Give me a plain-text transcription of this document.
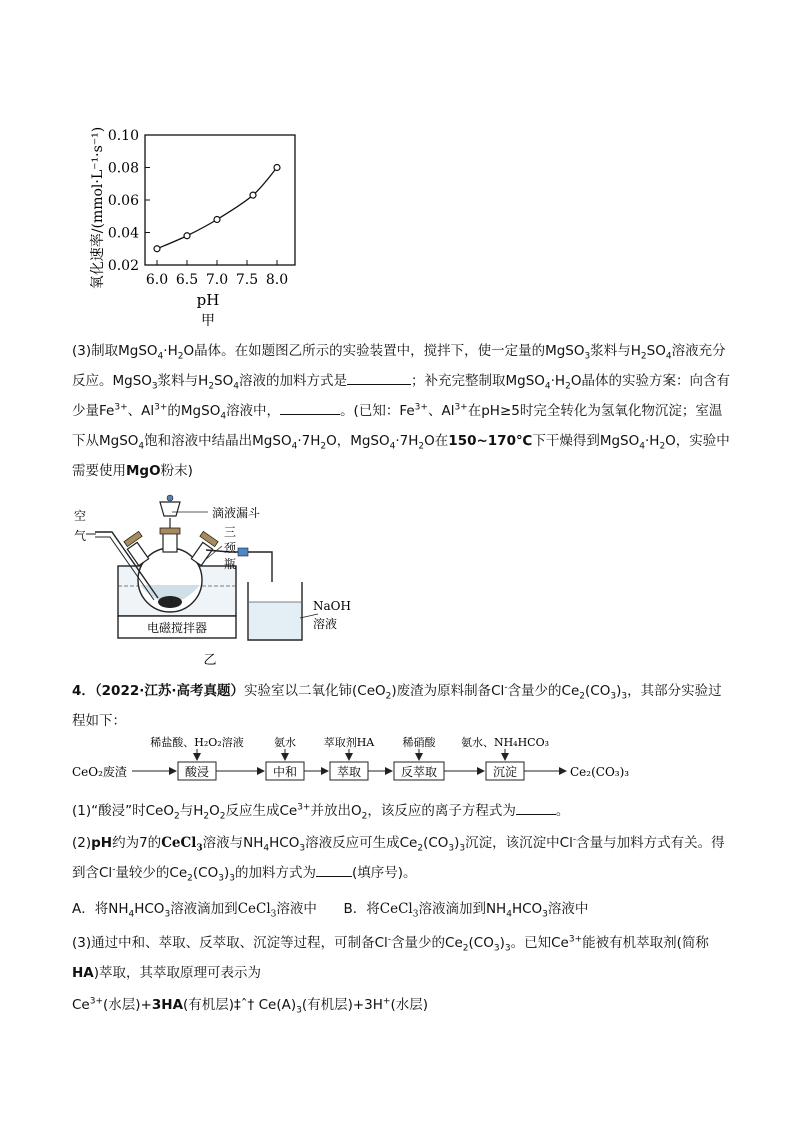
0.02
0.04
0.06
0.08
0.10
6.0 6.5 7.0 7.5 8.0
pH
甲
氧化速率/(mmol·L⁻¹·s⁻¹)
(3)制取$MgSO_4\cdot H_2O$晶体。在如题图乙所示的实验装置中，搅拌下，使一定量的MgSO$_3$浆料与$H_2SO_4$溶液充分反应。MgSO$_3$浆料与$H_2SO_4$溶液的加料方式是	；补充完整制取$MgSO_4\cdot H_2O$晶体的实验方案：向含有少量$Fe^{3+}$、$Al^{3+}$的MgSO$_4$溶液中，	。(已知：$Fe^{3+}$、$Al^{3+}$在pH≥5时完全转化为氢氧化物沉淀；室温下从MgSO$_4$饱和溶液中结晶出$MgSO_4\cdot 7H_2O$，$MgSO_4\cdot 7H_2O$在150~170℃下干燥得到$MgSO_4\cdot H_2O$，实验中需要使用MgO粉末)
电磁搅拌器
滴液漏斗
空气
NaOH
溶液
三颈瓶
乙
4．（2022·江苏·高考真题）实验室以二氧化铈(CeO$_2$)废渣为原料制备Cl-含量少的$Ce_2(CO_3)_3$，其部分实验过程如下：
CeO₂废渣	酸浸
稀盐酸、H₂O₂溶液
中和
氨水
萃取
萃取剂HA
反萃取
稀硝酸
沉淀
氨水、NH₄HCO₃
Ce₂(CO₃)₃
(1)“酸浸”时CeO$_2$与$H_2O_2$反应生成$Ce^{3+}$并放出$O_2$，该反应的离子方程式为	。
(2)pH约为7的CeCl$_3$溶液与$NH_4HCO_3$溶液反应可生成$Ce_2(CO_3)_3$沉淀，该沉淀中Cl-含量与加料方式有关。得到含Cl-量较少的$Ce_2(CO_3)_3$的加料方式为	(填序号)。
A．将$NH_4HCO_3$溶液滴加到CeCl$_3$溶液中 B．将CeCl$_3$溶液滴加到$NH_4HCO_3$溶液中
(3)通过中和、萃取、反萃取、沉淀等过程，可制备Cl-含量少的$Ce_2(CO_3)_3$。已知$Ce^{3+}$能被有机萃取剂(简称HA)萃取，其萃取原理可表示为
$Ce^{3+}$(水层)+3HA(有机层)‡ˆ† $Ce(A)_3$(有机层)+3H+(水层)
